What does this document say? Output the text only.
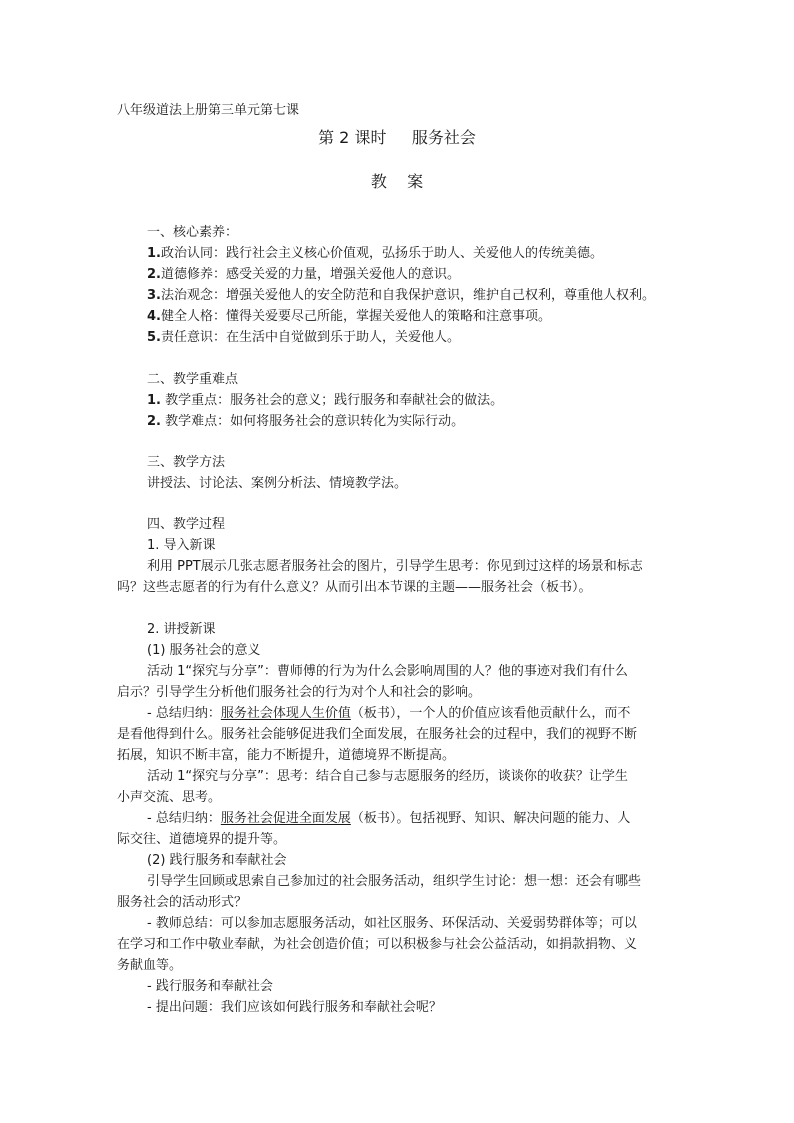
八年级道法上册第三单元第七课
第 2 课时     服务社会
教    案
一、核心素养：
1.政治认同：践行社会主义核心价值观，弘扬乐于助人、关爱他人的传统美德。
2.道德修养：感受关爱的力量，增强关爱他人的意识。
3.法治观念：增强关爱他人的安全防范和自我保护意识，维护自己权利，尊重他人权利。
4.健全人格：懂得关爱要尽己所能，掌握关爱他人的策略和注意事项。
5.责任意识：在生活中自觉做到乐于助人，关爱他人。
二、教学重难点
1. 教学重点：服务社会的意义；践行服务和奉献社会的做法。
2. 教学难点：如何将服务社会的意识转化为实际行动。
三、教学方法
讲授法、讨论法、案例分析法、情境教学法。
四、教学过程
1. 导入新课
利用 PPT展示几张志愿者服务社会的图片，引导学生思考：你见到过这样的场景和标志
吗？这些志愿者的行为有什么意义？从而引出本节课的主题——服务社会（板书）。
2. 讲授新课
(1) 服务社会的意义
活动 1“探究与分享”：曹师傅的行为为什么会影响周围的人？他的事迹对我们有什么
启示？引导学生分析他们服务社会的行为对个人和社会的影响。
- 总结归纳：服务社会体现人生价值（板书），一个人的价值应该看他贡献什么，而不
是看他得到什么。服务社会能够促进我们全面发展，在服务社会的过程中，我们的视野不断
拓展，知识不断丰富，能力不断提升，道德境界不断提高。
活动 1“探究与分享”：思考：结合自己参与志愿服务的经历，谈谈你的收获？让学生
小声交流、思考。
- 总结归纳：服务社会促进全面发展（板书）。包括视野、知识、解决问题的能力、人
际交往、道德境界的提升等。
(2) 践行服务和奉献社会
引导学生回顾或思索自己参加过的社会服务活动，组织学生讨论：想一想：还会有哪些
服务社会的活动形式？
- 教师总结：可以参加志愿服务活动，如社区服务、环保活动、关爱弱势群体等；可以
在学习和工作中敬业奉献，为社会创造价值；可以积极参与社会公益活动，如捐款捐物、义
务献血等。
- 践行服务和奉献社会
- 提出问题：我们应该如何践行服务和奉献社会呢？
